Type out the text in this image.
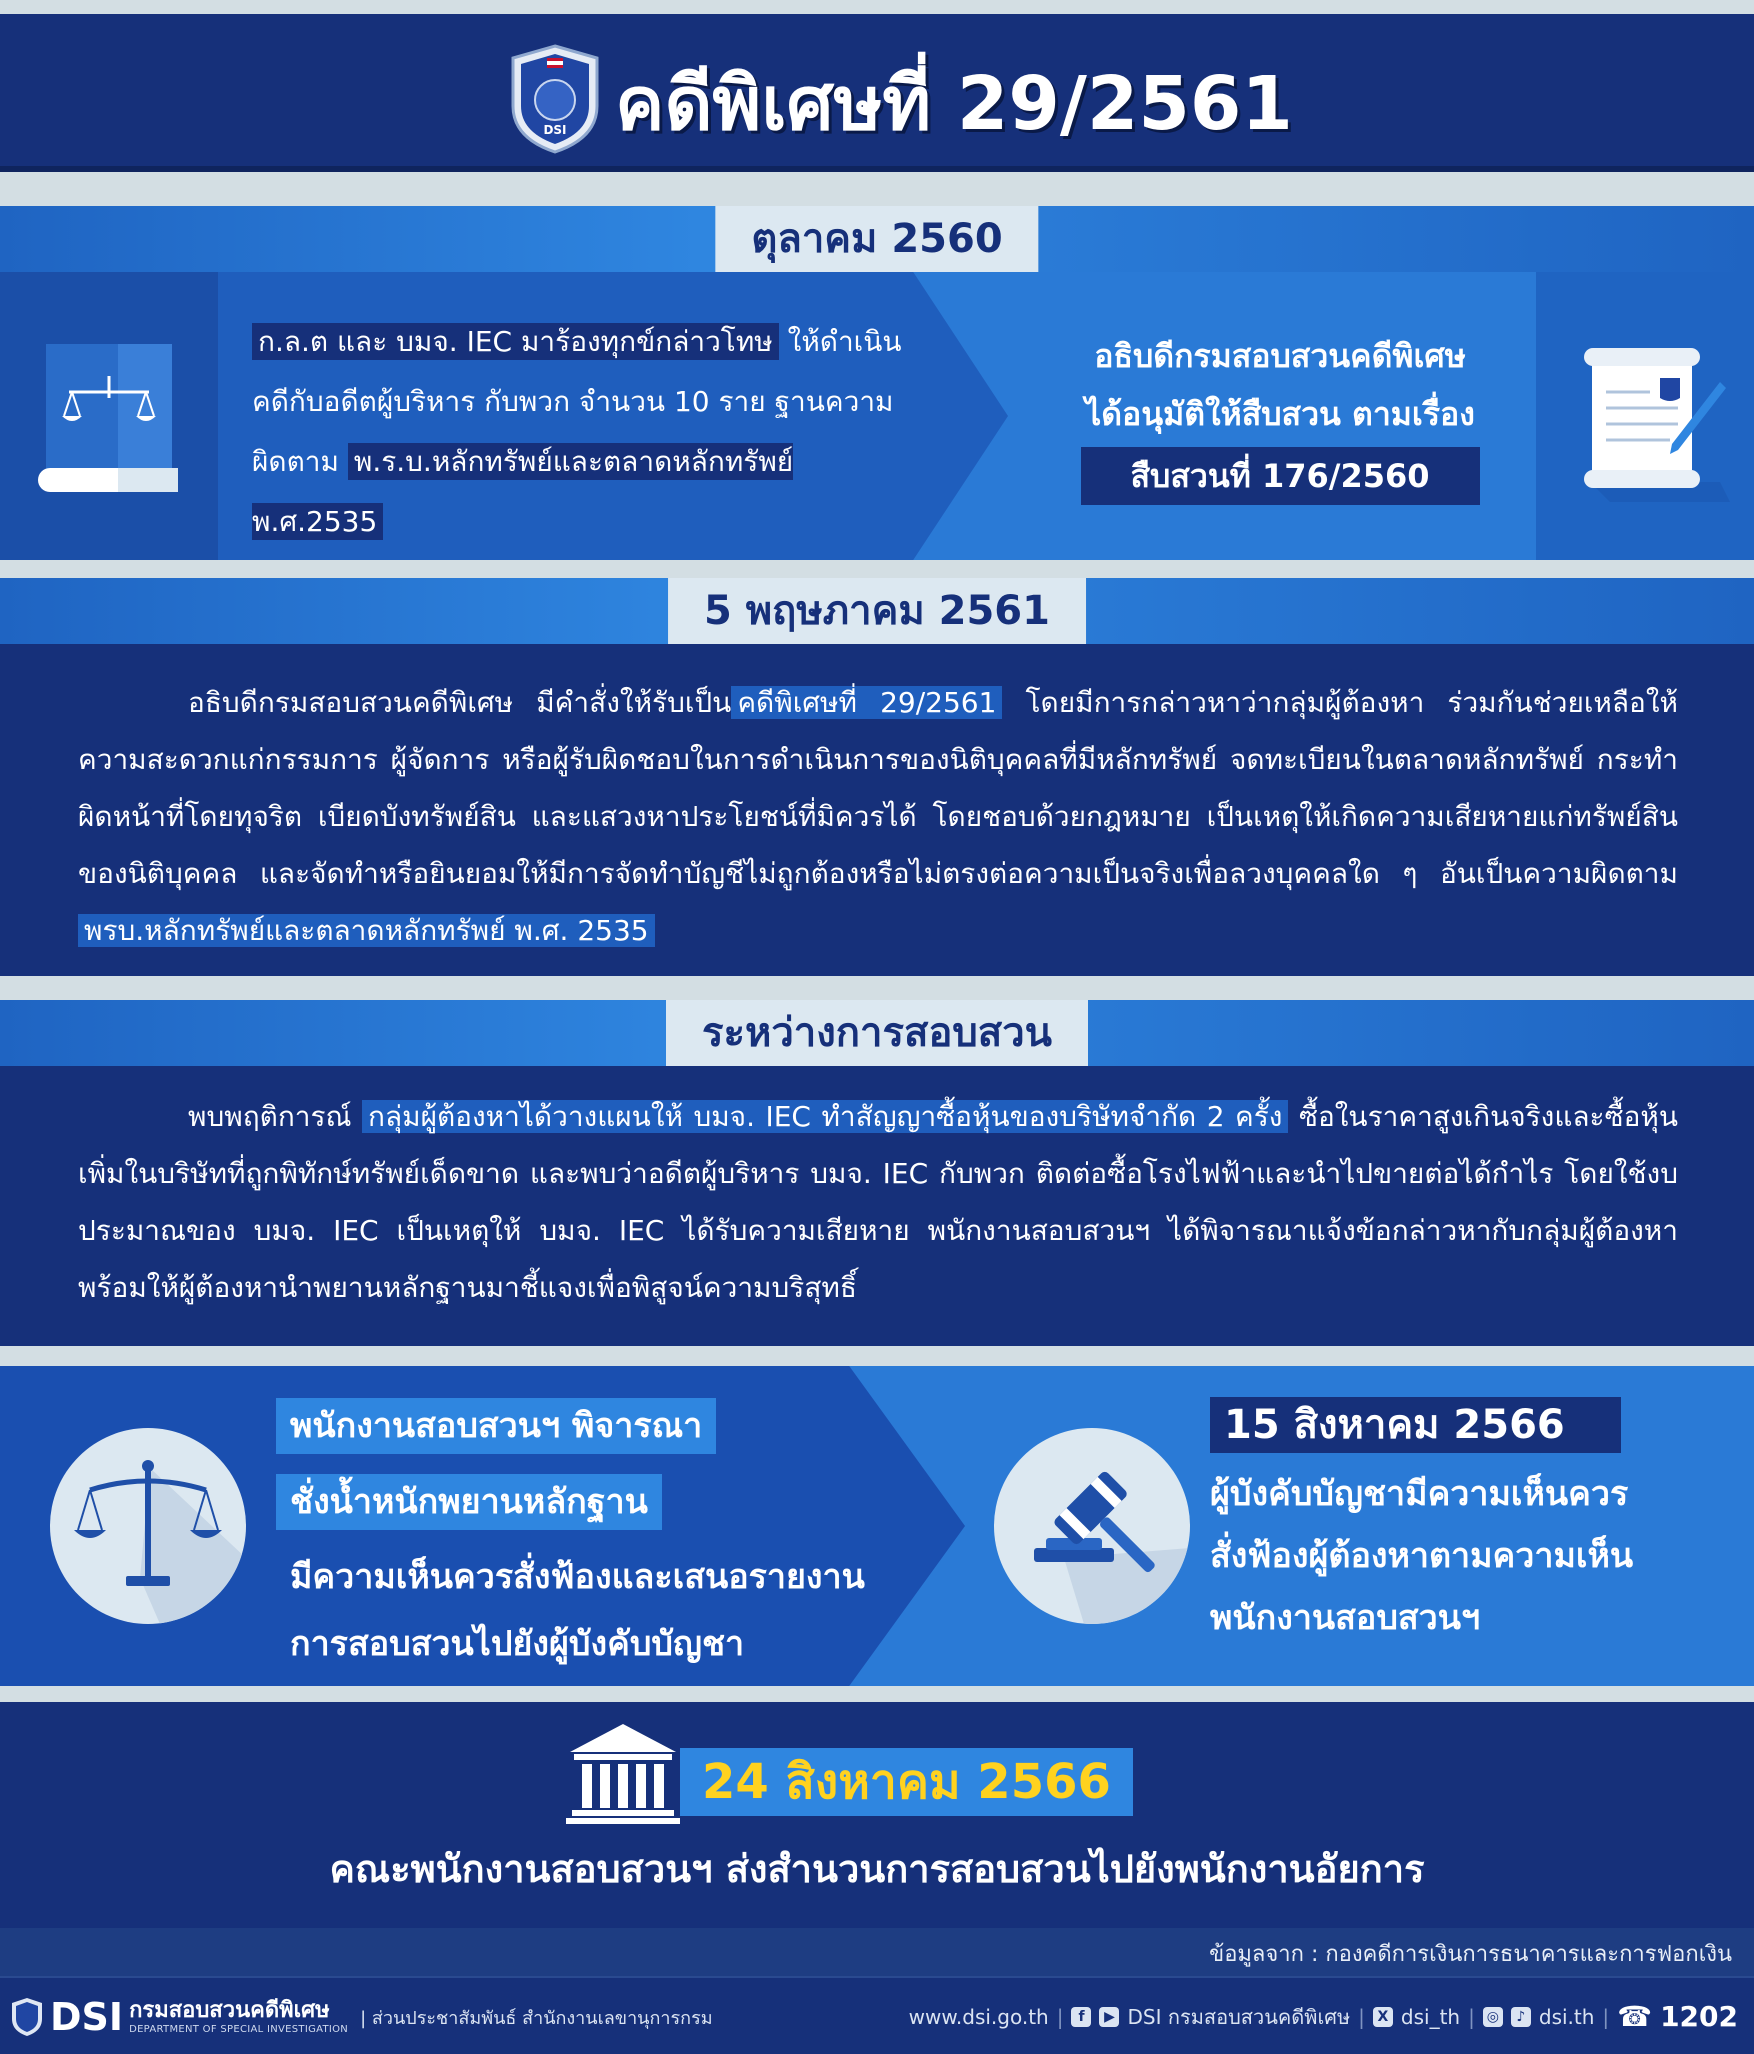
DSI คดีพิเศษที่ 29/2561
ตุลาคม 2560
ก.ล.ต และ บมจ. IEC มาร้องทุกข์กล่าวโทษ ให้ดำเนินคดีกับอดีตผู้บริหาร กับพวก จำนวน 10 ราย ฐานความผิดตาม พ.ร.บ.หลักทรัพย์และตลาดหลักทรัพย์ พ.ศ.2535
อธิบดีกรมสอบสวนคดีพิเศษ
ได้อนุมัติให้สืบสวน ตามเรื่อง
สืบสวนที่ 176/2560
5 พฤษภาคม 2561
อธิบดีกรมสอบสวนคดีพิเศษ มีคำสั่งให้รับเป็น คดีพิเศษที่ 29/2561 โดยมีการกล่าวหาว่ากลุ่มผู้ต้องหา ร่วมกันช่วยเหลือให้ความสะดวกแก่กรรมการ ผู้จัดการ หรือผู้รับผิดชอบในการดำเนินการของนิติบุคคลที่มีหลักทรัพย์ จดทะเบียนในตลาดหลักทรัพย์ กระทำผิดหน้าที่โดยทุจริต เบียดบังทรัพย์สิน และแสวงหาประโยชน์ที่มิควรได้ โดยชอบด้วยกฎหมาย เป็นเหตุให้เกิดความเสียหายแก่ทรัพย์สินของนิติบุคคล และจัดทำหรือยินยอมให้มีการจัดทำบัญชีไม่ถูกต้องหรือไม่ตรงต่อความเป็นจริงเพื่อลวงบุคคลใด ๆ อันเป็นความผิดตาม พรบ.หลักทรัพย์และตลาดหลักทรัพย์ พ.ศ. 2535
ระหว่างการสอบสวน
พบพฤติการณ์ กลุ่มผู้ต้องหาได้วางแผนให้ บมจ. IEC ทำสัญญาซื้อหุ้นของบริษัทจำกัด 2 ครั้ง ซื้อในราคาสูงเกินจริงและซื้อหุ้นเพิ่มในบริษัทที่ถูกพิทักษ์ทรัพย์เด็ดขาด และพบว่าอดีตผู้บริหาร บมจ. IEC กับพวก ติดต่อซื้อโรงไฟฟ้าและนำไปขายต่อได้กำไร โดยใช้งบประมาณของ บมจ. IEC เป็นเหตุให้ บมจ. IEC ได้รับความเสียหาย พนักงานสอบสวนฯ ได้พิจารณาแจ้งข้อกล่าวหากับกลุ่มผู้ต้องหา พร้อมให้ผู้ต้องหานำพยานหลักฐานมาชี้แจงเพื่อพิสูจน์ความบริสุทธิ์
พนักงานสอบสวนฯ พิจารณา
ชั่งน้ำหนักพยานหลักฐาน
มีความเห็นควรสั่งฟ้องและเสนอรายงาน
การสอบสวนไปยังผู้บังคับบัญชา
15 สิงหาคม 2566
ผู้บังคับบัญชามีความเห็นควร
สั่งฟ้องผู้ต้องหาตามความเห็น
พนักงานสอบสวนฯ
24 สิงหาคม 2566
คณะพนักงานสอบสวนฯ ส่งสำนวนการสอบสวนไปยังพนักงานอัยการ
ข้อมูลจาก : กองคดีการเงินการธนาคารและการฟอกเงิน
DSI กรมสอบสวนคดีพิเศษ
DEPARTMENT OF SPECIAL INVESTIGATION
| ส่วนประชาสัมพันธ์ สำนักงานเลขานุการกรม	www.dsi.go.th |	f	▶ DSI กรมสอบสวนคดีพิเศษ | X dsi_th | ◎	♪ dsi.th | ☎ 1202
